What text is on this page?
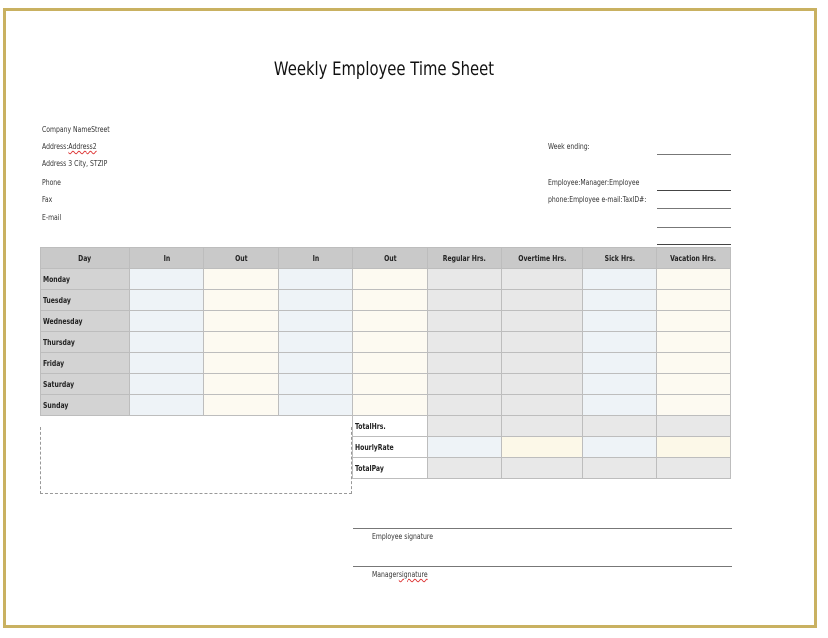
Weekly Employee Time Sheet
Company NameStreet
Address:Address2
Address 3 City, STZIP
Phone
Fax
E-mail
Week ending:
Employee:Manager:Employee
phone:Employee e-mail:TaxID#:
Day	In	Out	In	Out	Regular Hrs.	Overtime Hrs.	Sick Hrs.	Vacation Hrs.
Monday								
Tuesday								
Wednesday								
Thursday								
Friday								
Saturday								
Sunday								
				TotalHrs.				
				HourlyRate				
				TotalPay				
Employee signature
Managersignature
